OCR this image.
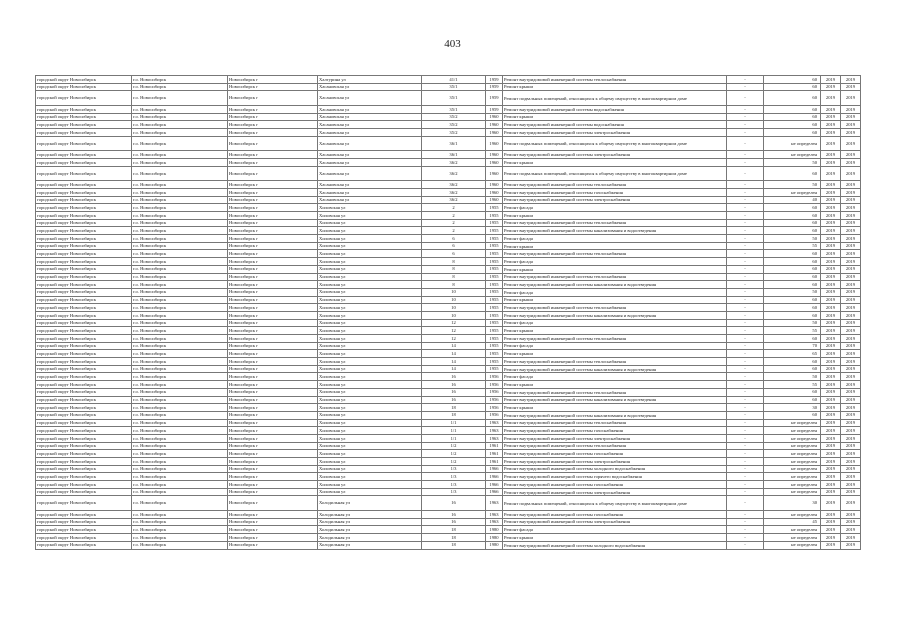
403
городской округ Новосибирск	г.о. Новосибирск	Новосибирск г	Халтурина ул	41/1	1959	Ремонт внутридомовой инженерной системы теплоснабжения	-	60	2019	2019
городской округ Новосибирск	г.о. Новосибирск	Новосибирск г	Хасановская ул	35/1	1959	Ремонт крыши	-	60	2019	2019
городской округ Новосибирск	г.о. Новосибирск	Новосибирск г	Хасановская ул	35/1	1959	Ремонт подвальных помещений, относящихся к общему имуществу в многоквартирном доме	-	60	2019	2019
городской округ Новосибирск	г.о. Новосибирск	Новосибирск г	Хасановская ул	35/1	1959	Ремонт внутридомовой инженерной системы водоснабжения	-	60	2019	2019
городской округ Новосибирск	г.о. Новосибирск	Новосибирск г	Хасановская ул	35/2	1960	Ремонт крыши	-	60	2019	2019
городской округ Новосибирск	г.о. Новосибирск	Новосибирск г	Хасановская ул	35/2	1960	Ремонт внутридомовой инженерной системы водоснабжения	-	60	2019	2019
городской округ Новосибирск	г.о. Новосибирск	Новосибирск г	Хасановская ул	35/2	1960	Ремонт внутридомовой инженерной системы электроснабжения	-	60	2019	2019
городской округ Новосибирск	г.о. Новосибирск	Новосибирск г	Хасановская ул	36/1	1960	Ремонт подвальных помещений, относящихся к общему имуществу в многоквартирном доме	-	не определен	2019	2019
городской округ Новосибирск	г.о. Новосибирск	Новосибирск г	Хасановская ул	36/1	1960	Ремонт внутридомовой инженерной системы электроснабжения	-	не определен	2019	2019
городской округ Новосибирск	г.о. Новосибирск	Новосибирск г	Хасановская ул	36/2	1960	Ремонт крыши	-	50	2019	2019
городской округ Новосибирск	г.о. Новосибирск	Новосибирск г	Хасановская ул	36/2	1960	Ремонт подвальных помещений, относящихся к общему имуществу в многоквартирном доме	-	60	2019	2019
городской округ Новосибирск	г.о. Новосибирск	Новосибирск г	Хасановская ул	36/2	1960	Ремонт внутридомовой инженерной системы теплоснабжения	-	50	2019	2019
городской округ Новосибирск	г.о. Новосибирск	Новосибирск г	Хасановская ул	36/2	1960	Ремонт внутридомовой инженерной системы газоснабжения	-	не определен	2019	2019
городской округ Новосибирск	г.о. Новосибирск	Новосибирск г	Хасановская ул	36/2	1960	Ремонт внутридомовой инженерной системы электроснабжения	-	40	2019	2019
городской округ Новосибирск	г.о. Новосибирск	Новосибирск г	Хиловская ул	2	1955	Ремонт фасада	-	60	2019	2019
городской округ Новосибирск	г.о. Новосибирск	Новосибирск г	Хиловская ул	2	1955	Ремонт крыши	-	60	2019	2019
городской округ Новосибирск	г.о. Новосибирск	Новосибирск г	Хиловская ул	2	1955	Ремонт внутридомовой инженерной системы теплоснабжения	-	60	2019	2019
городской округ Новосибирск	г.о. Новосибирск	Новосибирск г	Хиловская ул	2	1955	Ремонт внутридомовой инженерной системы канализования и водоотведения	-	60	2019	2019
городской округ Новосибирск	г.о. Новосибирск	Новосибирск г	Хиловская ул	6	1955	Ремонт фасада	-	50	2019	2019
городской округ Новосибирск	г.о. Новосибирск	Новосибирск г	Хиловская ул	6	1955	Ремонт крыши	-	55	2019	2019
городской округ Новосибирск	г.о. Новосибирск	Новосибирск г	Хиловская ул	6	1955	Ремонт внутридомовой инженерной системы теплоснабжения	-	60	2019	2019
городской округ Новосибирск	г.о. Новосибирск	Новосибирск г	Хиловская ул	8	1955	Ремонт фасада	-	60	2019	2019
городской округ Новосибирск	г.о. Новосибирск	Новосибирск г	Хиловская ул	8	1955	Ремонт крыши	-	60	2019	2019
городской округ Новосибирск	г.о. Новосибирск	Новосибирск г	Хиловская ул	8	1955	Ремонт внутридомовой инженерной системы теплоснабжения	-	60	2019	2019
городской округ Новосибирск	г.о. Новосибирск	Новосибирск г	Хиловская ул	8	1955	Ремонт внутридомовой инженерной системы канализования и водоотведения	-	60	2019	2019
городской округ Новосибирск	г.о. Новосибирск	Новосибирск г	Хиловская ул	10	1955	Ремонт фасада	-	50	2019	2019
городской округ Новосибирск	г.о. Новосибирск	Новосибирск г	Хиловская ул	10	1955	Ремонт крыши	-	60	2019	2019
городской округ Новосибирск	г.о. Новосибирск	Новосибирск г	Хиловская ул	10	1955	Ремонт внутридомовой инженерной системы теплоснабжения	-	60	2019	2019
городской округ Новосибирск	г.о. Новосибирск	Новосибирск г	Хиловская ул	10	1955	Ремонт внутридомовой инженерной системы канализования и водоотведения	-	60	2019	2019
городской округ Новосибирск	г.о. Новосибирск	Новосибирск г	Хиловская ул	12	1955	Ремонт фасада	-	50	2019	2019
городской округ Новосибирск	г.о. Новосибирск	Новосибирск г	Хиловская ул	12	1955	Ремонт крыши	-	55	2019	2019
городской округ Новосибирск	г.о. Новосибирск	Новосибирск г	Хиловская ул	12	1955	Ремонт внутридомовой инженерной системы теплоснабжения	-	60	2019	2019
городской округ Новосибирск	г.о. Новосибирск	Новосибирск г	Хиловская ул	14	1955	Ремонт фасада	-	70	2019	2019
городской округ Новосибирск	г.о. Новосибирск	Новосибирск г	Хиловская ул	14	1955	Ремонт крыши	-	65	2019	2019
городской округ Новосибирск	г.о. Новосибирск	Новосибирск г	Хиловская ул	14	1955	Ремонт внутридомовой инженерной системы теплоснабжения	-	60	2019	2019
городской округ Новосибирск	г.о. Новосибирск	Новосибирск г	Хиловская ул	14	1955	Ремонт внутридомовой инженерной системы канализования и водоотведения	-	60	2019	2019
городской округ Новосибирск	г.о. Новосибирск	Новосибирск г	Хиловская ул	16	1956	Ремонт фасада	-	50	2019	2019
городской округ Новосибирск	г.о. Новосибирск	Новосибирск г	Хиловская ул	16	1956	Ремонт крыши	-	55	2019	2019
городской округ Новосибирск	г.о. Новосибирск	Новосибирск г	Хиловская ул	16	1956	Ремонт внутридомовой инженерной системы теплоснабжения	-	60	2019	2019
городской округ Новосибирск	г.о. Новосибирск	Новосибирск г	Хиловская ул	16	1956	Ремонт внутридомовой инженерной системы канализования и водоотведения	-	60	2019	2019
городской округ Новосибирск	г.о. Новосибирск	Новосибирск г	Хиловская ул	18	1956	Ремонт крыши	-	30	2019	2019
городской округ Новосибирск	г.о. Новосибирск	Новосибирск г	Хиловская ул	18	1956	Ремонт внутридомовой инженерной системы канализования и водоотведения	-	60	2019	2019
городской округ Новосибирск	г.о. Новосибирск	Новосибирск г	Хиловская ул	1/1	1963	Ремонт внутридомовой инженерной системы теплоснабжения	-	не определен	2019	2019
городской округ Новосибирск	г.о. Новосибирск	Новосибирск г	Хиловская ул	1/1	1963	Ремонт внутридомовой инженерной системы газоснабжения	-	не определен	2019	2019
городской округ Новосибирск	г.о. Новосибирск	Новосибирск г	Хиловская ул	1/1	1963	Ремонт внутридомовой инженерной системы электроснабжения	-	не определен	2019	2019
городской округ Новосибирск	г.о. Новосибирск	Новосибирск г	Хиловская ул	1/2	1961	Ремонт внутридомовой инженерной системы теплоснабжения	-	не определен	2019	2019
городской округ Новосибирск	г.о. Новосибирск	Новосибирск г	Хиловская ул	1/2	1961	Ремонт внутридомовой инженерной системы газоснабжения	-	не определен	2019	2019
городской округ Новосибирск	г.о. Новосибирск	Новосибирск г	Хиловская ул	1/2	1961	Ремонт внутридомовой инженерной системы электроснабжения	-	не определен	2019	2019
городской округ Новосибирск	г.о. Новосибирск	Новосибирск г	Хиловская ул	1/3	1966	Ремонт внутридомовой инженерной системы холодного водоснабжения	-	не определен	2019	2019
городской округ Новосибирск	г.о. Новосибирск	Новосибирск г	Хиловская ул	1/3	1966	Ремонт внутридомовой инженерной системы горячего водоснабжения	-	не определен	2019	2019
городской округ Новосибирск	г.о. Новосибирск	Новосибирск г	Хиловская ул	1/3	1966	Ремонт внутридомовой инженерной системы газоснабжения	-	не определен	2019	2019
городской округ Новосибирск	г.о. Новосибирск	Новосибирск г	Хиловская ул	1/3	1966	Ремонт внутридомовой инженерной системы электроснабжения	-	не определен	2019	2019
городской округ Новосибирск	г.о. Новосибирск	Новосибирск г	Холодильная ул	16	1963	Ремонт подвальных помещений, относящихся к общему имуществу в многоквартирном доме	-	30	2019	2019
городской округ Новосибирск	г.о. Новосибирск	Новосибирск г	Холодильная ул	16	1963	Ремонт внутридомовой инженерной системы газоснабжения	-	не определен	2019	2019
городской округ Новосибирск	г.о. Новосибирск	Новосибирск г	Холодильная ул	16	1963	Ремонт внутридомовой инженерной системы электроснабжения	-	45	2019	2019
городской округ Новосибирск	г.о. Новосибирск	Новосибирск г	Холодильная ул	18	1980	Ремонт фасада	-	не определен	2019	2019
городской округ Новосибирск	г.о. Новосибирск	Новосибирск г	Холодильная ул	18	1980	Ремонт крыши	-	не определен	2019	2019
городской округ Новосибирск	г.о. Новосибирск	Новосибирск г	Холодильная ул	18	1980	Ремонт внутридомовой инженерной системы холодного водоснабжения	-	не определен	2019	2019
